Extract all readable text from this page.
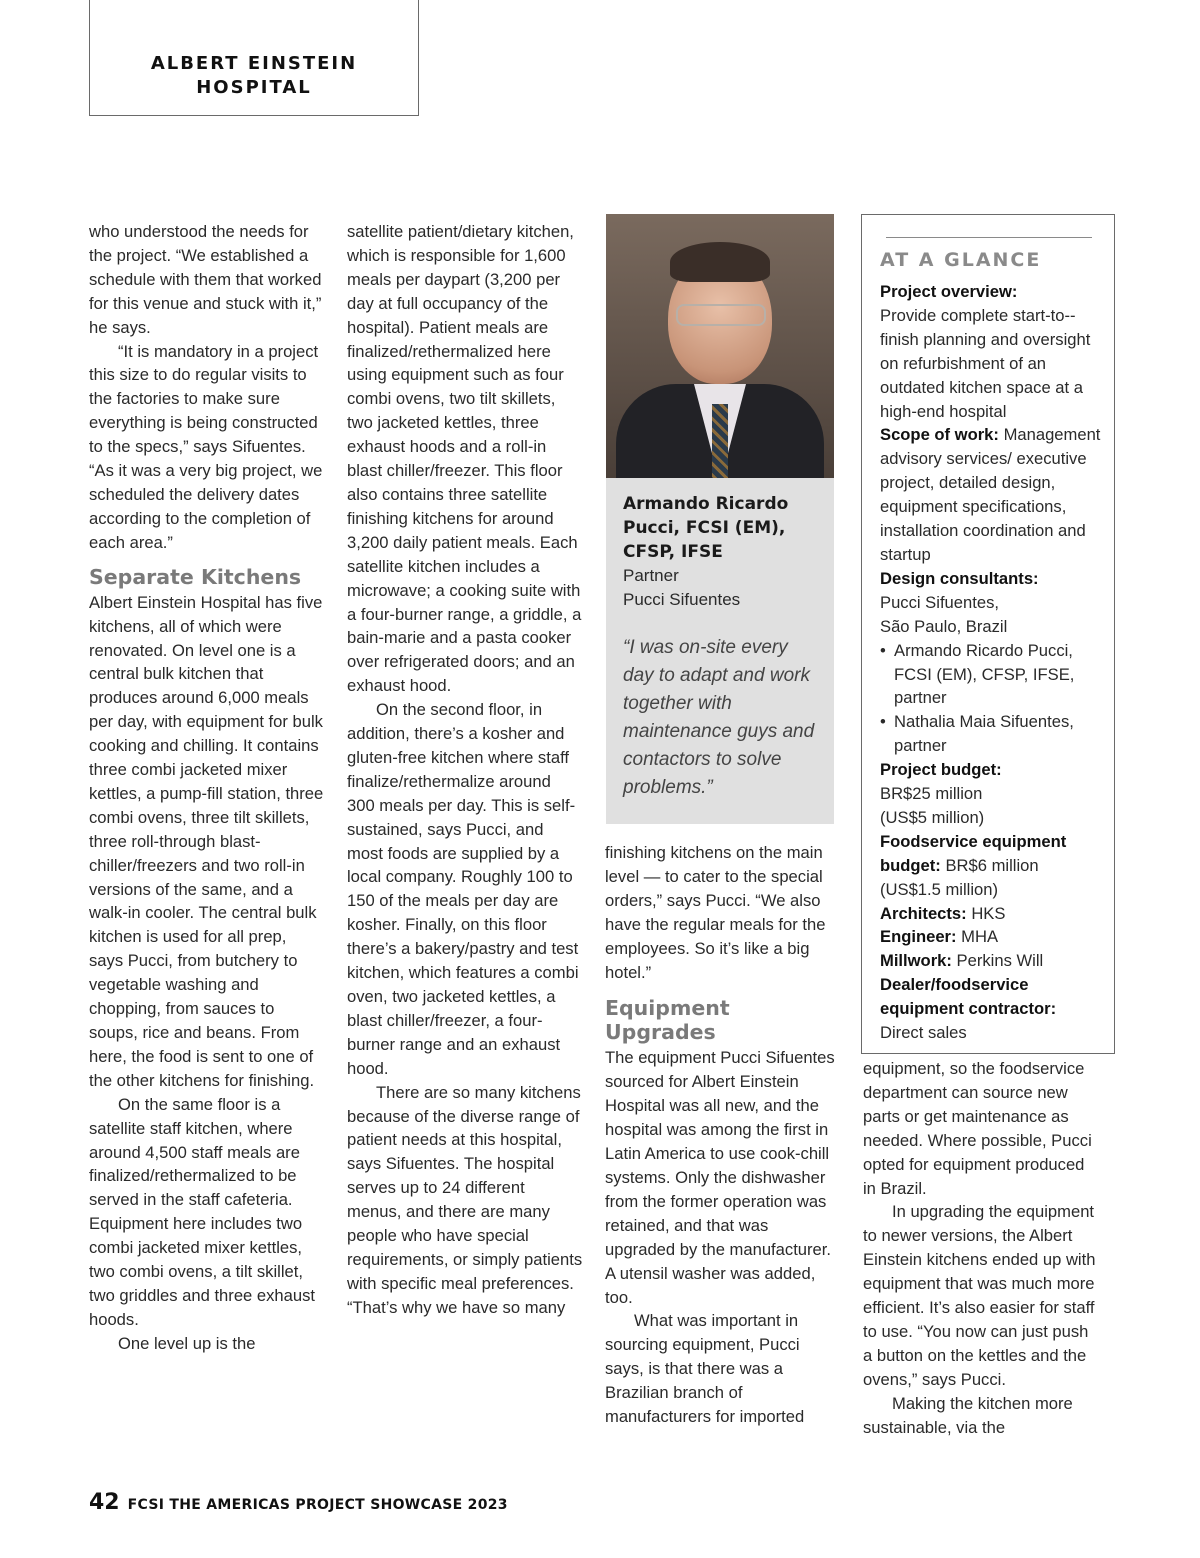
ALBERT EINSTEIN
HOSPITAL

who understood the needs for the project. “We established a schedule with them that worked for this venue and stuck with it,” he says.

“It is mandatory in a project this size to do regular visits to the factories to make sure everything is being constructed to the specs,” says Sifuentes. “As it was a very big project, we scheduled the delivery dates according to the completion of each area.”

Separate Kitchens

Albert Einstein Hospital has five kitchens, all of which were renovated. On level one is a central bulk kitchen that produces around 6,000 meals per day, with equipment for bulk cooking and chilling. It contains three combi jacketed mixer kettles, a pump-fill station, three combi ovens, three tilt skillets, three roll-through blast-chiller/freezers and two roll-in versions of the same, and a walk-in cooler. The central bulk kitchen is used for all prep, says Pucci, from butchery to vegetable washing and chopping, from sauces to soups, rice and beans. From here, the food is sent to one of the other kitchens for finishing.

On the same floor is a satellite staff kitchen, where around 4,500 staff meals are finalized/rethermalized to be served in the staff cafeteria. Equipment here includes two combi jacketed mixer kettles, two combi ovens, a tilt skillet, two griddles and three exhaust hoods.

One level up is the

satellite patient/dietary kitchen, which is responsible for 1,600 meals per daypart (3,200 per day at full occupancy of the hospital). Patient meals are finalized/rethermalized here using equipment such as four combi ovens, two tilt skillets, two jacketed kettles, three exhaust hoods and a roll-in blast chiller/freezer. This floor also contains three satellite finishing kitchens for around 3,200 daily patient meals. Each satellite kitchen includes a microwave; a cooking suite with a four-burner range, a griddle, a bain-marie and a pasta cooker over refrigerated doors; and an exhaust hood.

On the second floor, in addition, there’s a kosher and gluten-free kitchen where staff finalize/rethermalize around 300 meals per day. This is self-sustained, says Pucci, and most foods are supplied by a local company. Roughly 100 to 150 of the meals per day are kosher. Finally, on this floor there’s a bakery/pastry and test kitchen, which features a combi oven, two jacketed kettles, a blast chiller/freezer, a four-burner range and an exhaust hood.

There are so many kitchens because of the diverse range of patient needs at this hospital, says Sifuentes. The hospital serves up to 24 different menus, and there are many people who have special requirements, or simply patients with specific meal preferences. “That’s why we have so many

Armando Ricardo Pucci, FCSI (EM), CFSP, IFSE
Partner
Pucci Sifuentes
“I was on-site every day to adapt and work together with maintenance guys and contactors to solve problems.”

finishing kitchens on the main level — to cater to the special orders,” says Pucci. “We also have the regular meals for the employees. So it’s like a big hotel.”

Equipment Upgrades

The equipment Pucci Sifuentes sourced for Albert Einstein Hospital was all new, and the hospital was among the first in Latin America to use cook-chill systems. Only the dishwasher from the former operation was retained, and that was upgraded by the manufacturer. A utensil washer was added, too.

What was important in sourcing equipment, Pucci says, is that there was a Brazilian branch of manufacturers for imported

AT A GLANCE
Project overview:
Provide complete start-to--finish planning and oversight on refurbishment of an outdated kitchen space at a high-end hospital
Scope of work: Management advisory services/ executive project, detailed design, equipment specifications, installation coordination and startup
Design consultants:
Pucci Sifuentes,
São Paulo, Brazil
• Armando Ricardo Pucci, FCSI (EM), CFSP, IFSE, partner
• Nathalia Maia Sifuentes, partner
Project budget:
BR$25 million
(US$5 million)
Foodservice equipment budget: BR$6 million
(US$1.5 million)
Architects: HKS
Engineer: MHA
Millwork: Perkins Will
Dealer/foodservice equipment contractor:
Direct sales

equipment, so the foodservice department can source new parts or get maintenance as needed. Where possible, Pucci opted for equipment produced in Brazil.

In upgrading the equipment to newer versions, the Albert Einstein kitchens ended up with equipment that was much more efficient. It’s also easier for staff to use. “You now can just push a button on the kettles and the ovens,” says Pucci.

Making the kitchen more sustainable, via the

42 FCSI THE AMERICAS PROJECT SHOWCASE 2023
